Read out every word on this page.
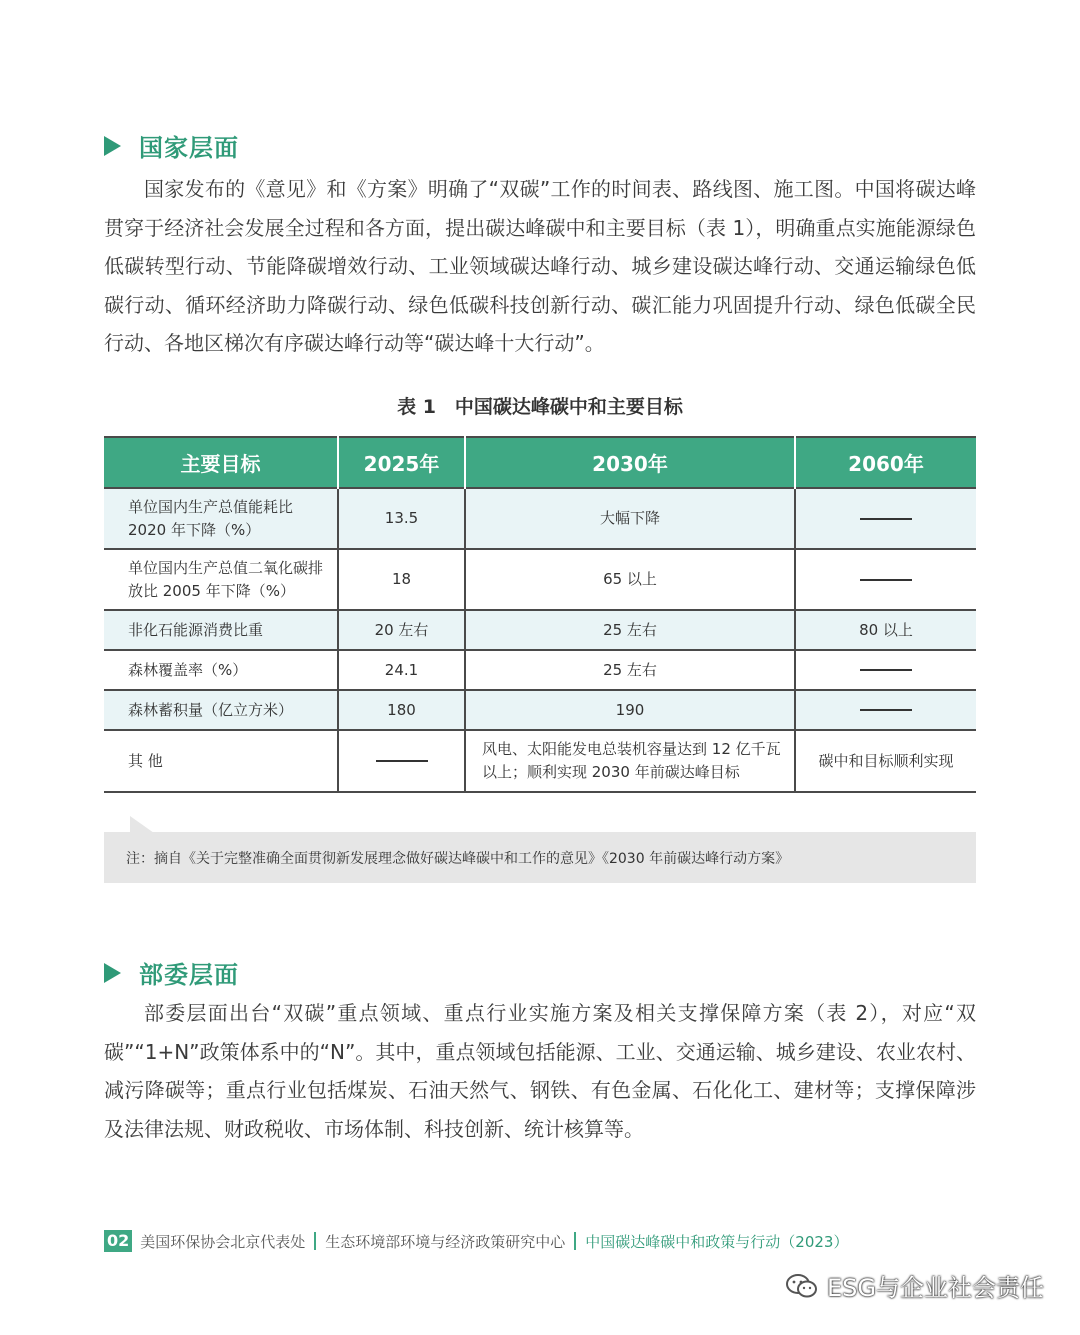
国家层面
国家发布的《意见》和《方案》明确了“双碳”工作的时间表、路线图、施工图。中国将碳达峰贯穿于经济社会发展全过程和各方面，提出碳达峰碳中和主要目标（表 1），明确重点实施能源绿色低碳转型行动、节能降碳增效行动、工业领域碳达峰行动、城乡建设碳达峰行动、交通运输绿色低碳行动、循环经济助力降碳行动、绿色低碳科技创新行动、碳汇能力巩固提升行动、绿色低碳全民行动、各地区梯次有序碳达峰行动等“碳达峰十大行动”。
表 1　中国碳达峰碳中和主要目标
主要目标	2025年	2030年	2060年
单位国内生产总值能耗比 2020 年下降（%）	13.5	大幅下降	
单位国内生产总值二氧化碳排放比 2005 年下降（%）	18	65 以上	
非化石能源消费比重	20 左右	25 左右	80 以上
森林覆盖率（%）	24.1	25 左右	
森林蓄积量（亿立方米）	180	190	
其 他		风电、太阳能发电总装机容量达到 12 亿千瓦以上；顺利实现 2030 年前碳达峰目标	碳中和目标顺利实现
注：摘自《关于完整准确全面贯彻新发展理念做好碳达峰碳中和工作的意见》《2030 年前碳达峰行动方案》
部委层面
部委层面出台“双碳”重点领域、重点行业实施方案及相关支撑保障方案（表 2），对应“双碳”“1+N”政策体系中的“N”。其中，重点领域包括能源、工业、交通运输、城乡建设、农业农村、减污降碳等；重点行业包括煤炭、石油天然气、钢铁、有色金属、石化化工、建材等；支撑保障涉及法律法规、财政税收、市场体制、科技创新、统计核算等。
02 美国环保协会北京代表处 生态环境部环境与经济政策研究中心 中国碳达峰碳中和政策与行动（2023）
ESG与企业社会责任
